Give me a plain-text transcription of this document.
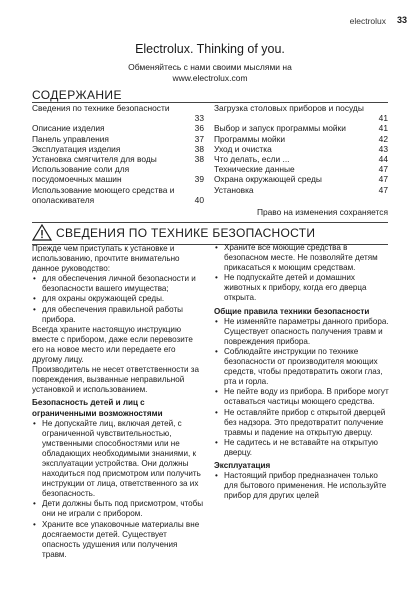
electrolux 33
Electrolux. Thinking of you.
Обменяйтесь с нами своими мыслями на
www.electrolux.com
СОДЕРЖАНИЕ
Сведения по технике безопасности
33
Описание изделия	36
Панель управления	37
Эксплуатация изделия	38
Установка смягчителя для воды	38
Использование соли для посудомоечных машин	39
Использование моющего средства и ополаскивателя	40
Загрузка столовых приборов и посуды
41
Выбор и запуск программы мойки	41
Программы мойки	42
Уход и очистка	43
Что делать, если ...	44
Технические данные	47
Охрана окружающей среды	47
Установка	47
Право на изменения сохраняется
СВЕДЕНИЯ ПО ТЕХНИКЕ БЕЗОПАСНОСТИ

Прежде чем приступать к установке и использованию, прочтите внимательно данное руководство:

• для обеспечения личной безопасности и безопасности вашего имущества;
• для охраны окружающей среды.
• для обеспечения правильной работы прибора.

Всегда храните настоящую инструкцию вместе с прибором, даже если перевозите его на новое место или передаете его другому лицу.

Производитель не несет ответственности за повреждения, вызванные неправильной установкой и использованием.

Безопасность детей и лиц с ограниченными возможностями
• Не допускайте лиц, включая детей, с ограниченной чувствительностью, умственными способностями или не обладающих необходимыми знаниями, к эксплуатации устройства. Они должны находиться под присмотром или получить инструкции от лица, ответственного за их безопасность.
• Дети должны быть под присмотром, чтобы они не играли с прибором.
• Храните все упаковочные материалы вне досягаемости детей. Существует опасность удушения или получения травм.
• Храните все моющие средства в безопасном месте. Не позволяйте детям прикасаться к моющим средствам.
• Не подпускайте детей и домашних животных к прибору, когда его дверца открыта.
Общие правила техники безопасности
• Не изменяйте параметры данного прибора. Существует опасность получения травм и повреждения прибора.
• Соблюдайте инструкции по технике безопасности от производителя моющих средств, чтобы предотвратить ожоги глаз, рта и горла.
• Не пейте воду из прибора. В приборе могут оставаться частицы моющего средства.
• Не оставляйте прибор с открытой дверцей без надзора. Это предотвратит получение травмы и падение на открытую дверцу.
• Не садитесь и не вставайте на открытую дверцу.
Эксплуатация
• Настоящий прибор предназначен только для бытового применения. Не используйте прибор для других целей
